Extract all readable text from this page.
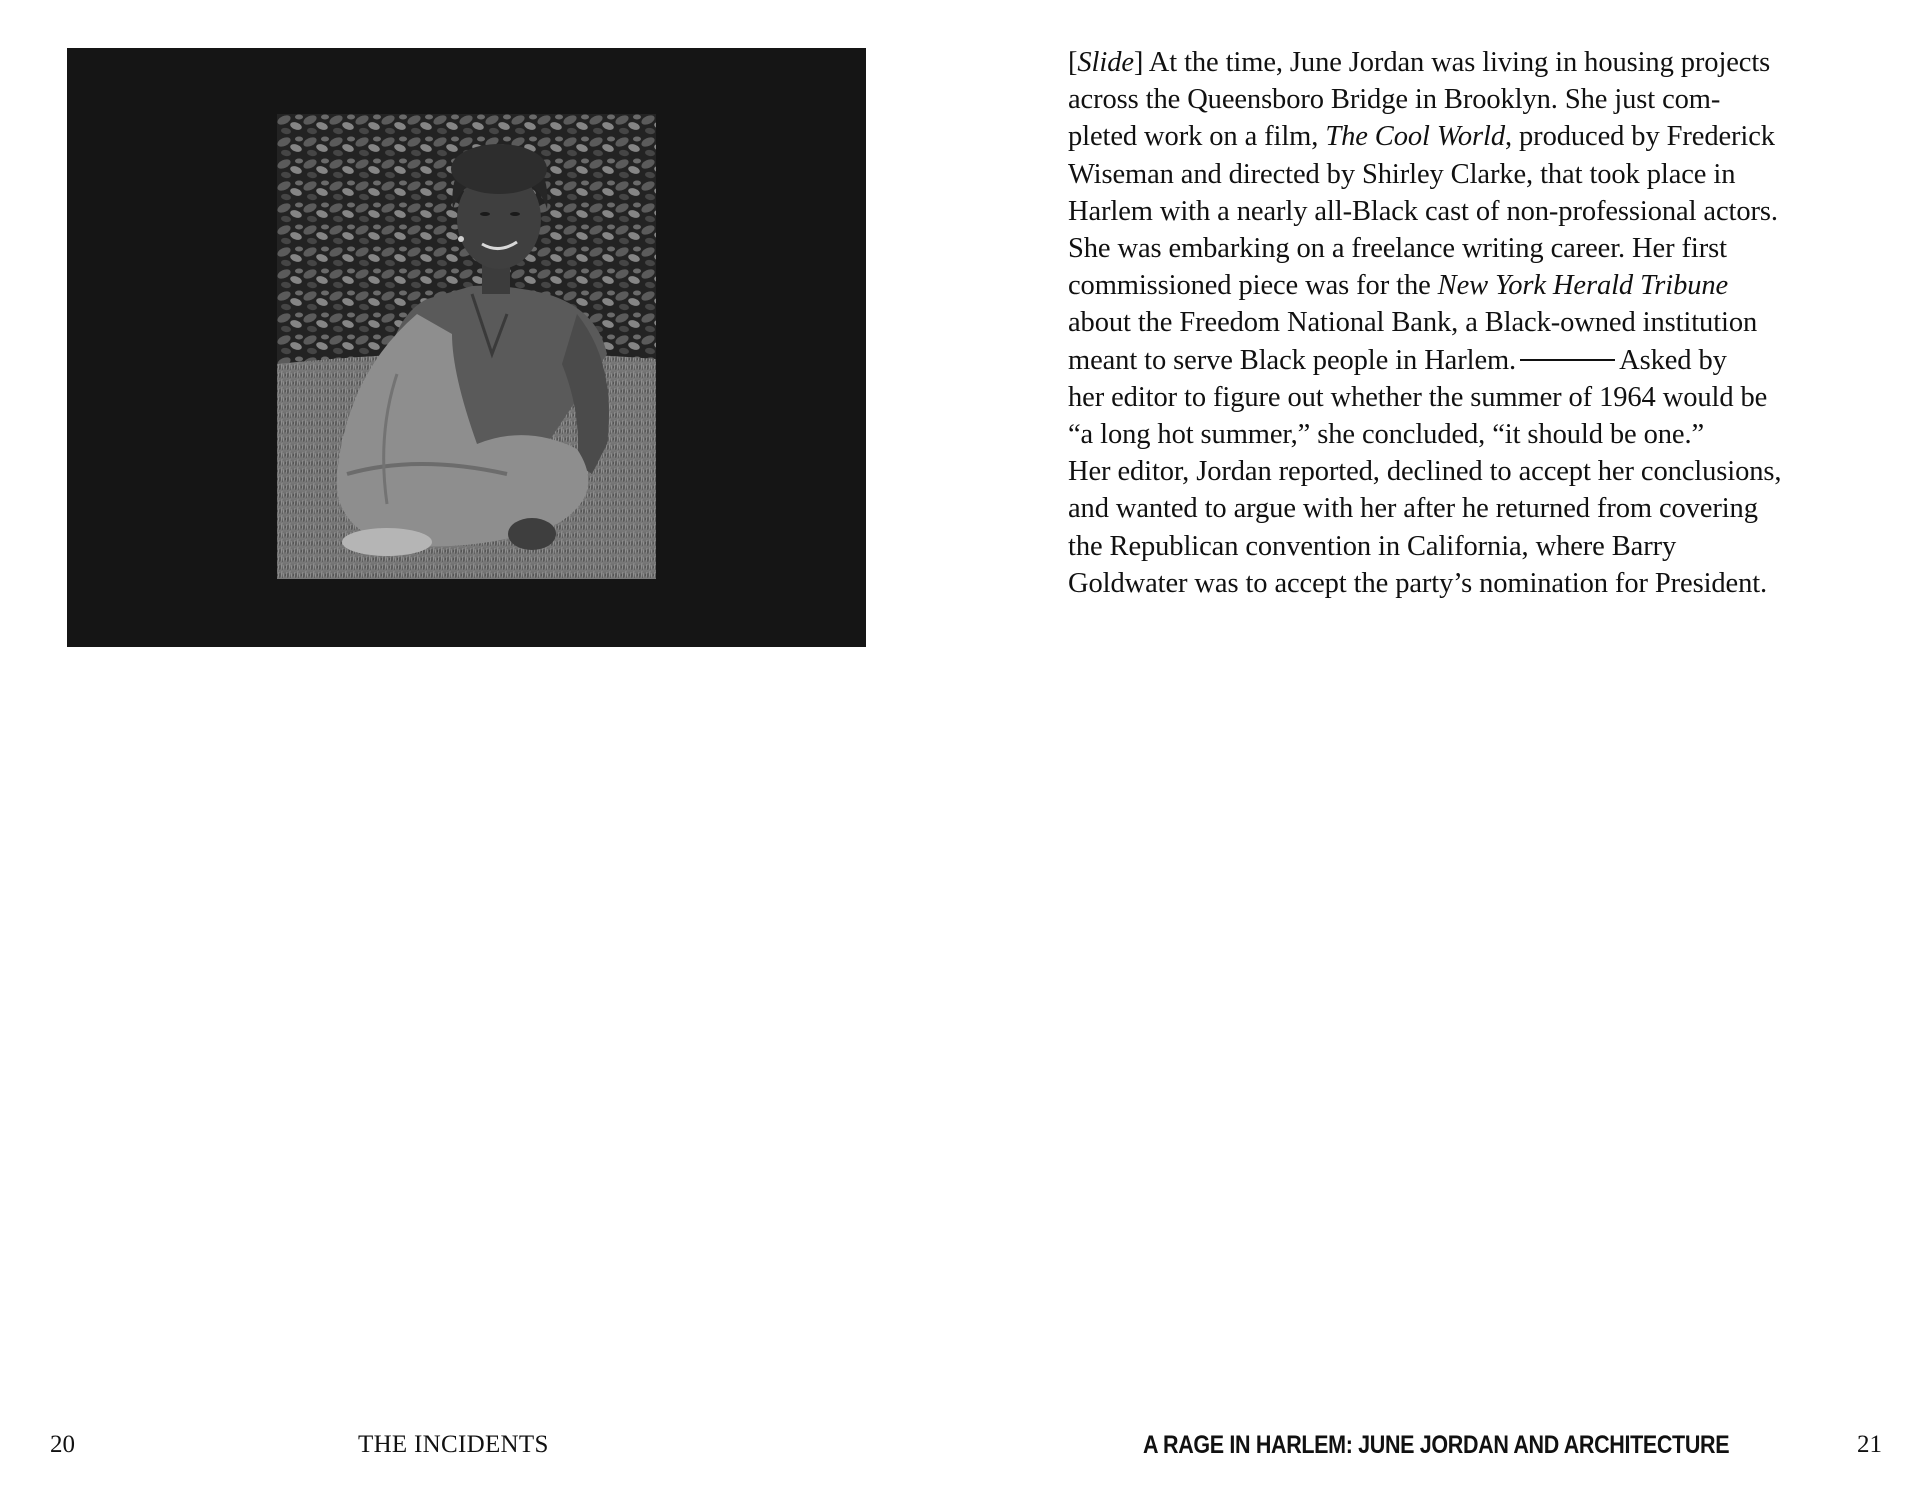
[Slide] At the time, June Jordan was living in housing projects
across the Queensboro Bridge in Brooklyn. She just com-
pleted work on a film, The Cool World, produced by Frederick
Wiseman and directed by Shirley Clarke, that took place in
Harlem with a nearly all-Black cast of non-professional actors.
She was embarking on a freelance writing career. Her first
commissioned piece was for the New York Herald Tribune
about the Freedom National Bank, a Black-owned institution
meant to serve Black people in Harlem.	Asked by
her editor to figure out whether the summer of 1964 would be
“a long hot summer,” she concluded, “it should be one.”
Her editor, Jordan reported, declined to accept her conclusions,
and wanted to argue with her after he returned from covering
the Republican convention in California, where Barry
Goldwater was to accept the party’s nomination for President.
20	THE INCIDENTS	A RAGE IN HARLEM: JUNE JORDAN AND ARCHITECTURE	21
